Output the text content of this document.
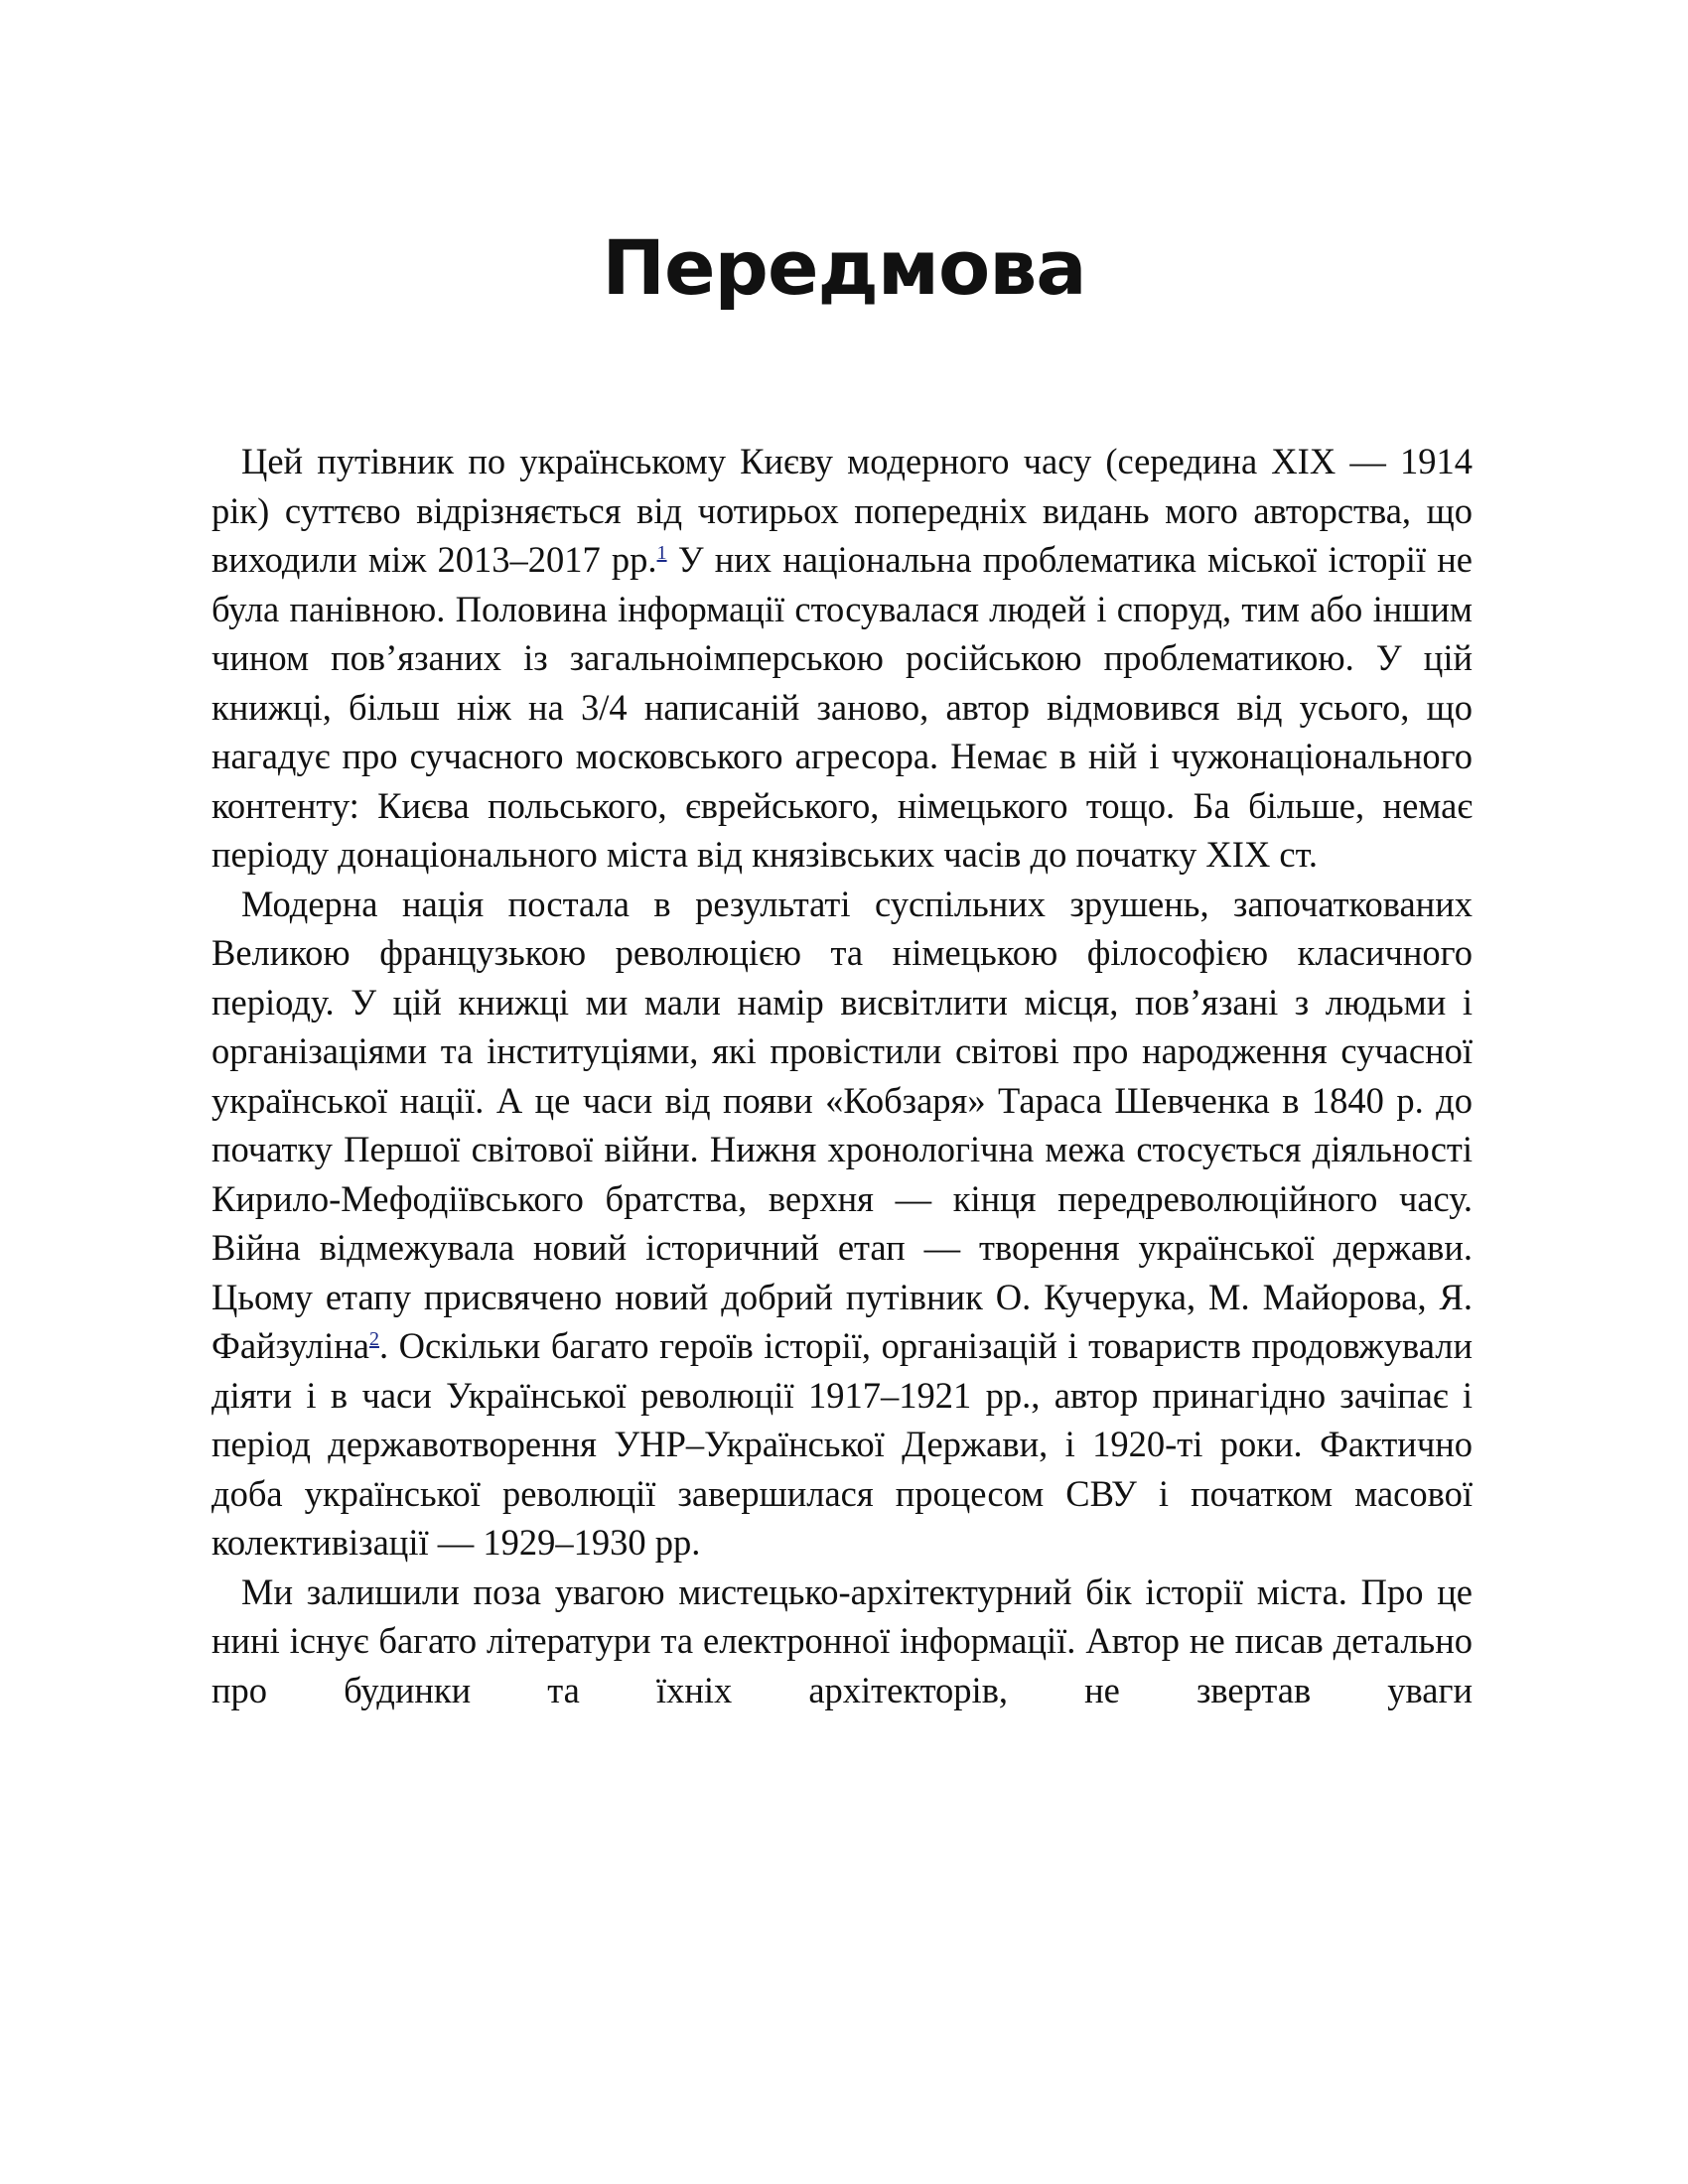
Передмова

Цей путівник по українському Києву модерного часу (середина XIX — 1914 рік) суттєво відрізняється від чотирьох попередніх видань мого авторства, що виходили між 2013–2017 рр.$^1$ У них національна проблематика міської історії не була панівною. Половина інформації стосувалася людей і споруд, тим або іншим чином пов’язаних із загальноімперською російською проблематикою. У цій книжці, більш ніж на 3/4 написаній заново, автор відмовився від усього, що нагадує про сучасного московського агресора. Немає в ній і чужонаціонального контенту: Києва польського, єврейського, німецького тощо. Ба більше, немає періоду донаціонального міста від князівських часів до початку XIX ст.

Модерна нація постала в результаті суспільних зрушень, започаткованих Великою французькою революцією та німецькою філософією класичного періоду. У цій книжці ми мали намір висвітлити місця, пов’язані з людьми і організаціями та інституціями, які провістили світові про народження сучасної української нації. А це часи від появи «Кобзаря» Тараса Шевченка в 1840 р. до початку Першої світової війни. Нижня хронологічна межа стосується діяльності Кирило-Мефодіївського братства, верхня — кінця передреволюційного часу. Війна відмежувала новий історичний етап — творення української держави. Цьому етапу присвячено новий добрий путівник О. Кучерука, М. Майорова, Я. Файзуліна$^2$. Оскільки багато героїв історії, організацій і товариств продовжували діяти і в часи Української революції 1917–1921 рр., автор принагідно зачіпає і період державотворення УНР–Української Держави, і 1920-ті роки. Фактично доба української революції завершилася процесом СВУ і початком масової колективізації — 1929–1930 рр.

Ми залишили поза увагою мистецько-архітектурний бік історії міста. Про це нині існує багато літератури та електронної інформації. Автор не писав детально про будинки та їхніх архітекторів, не звертав уваги
